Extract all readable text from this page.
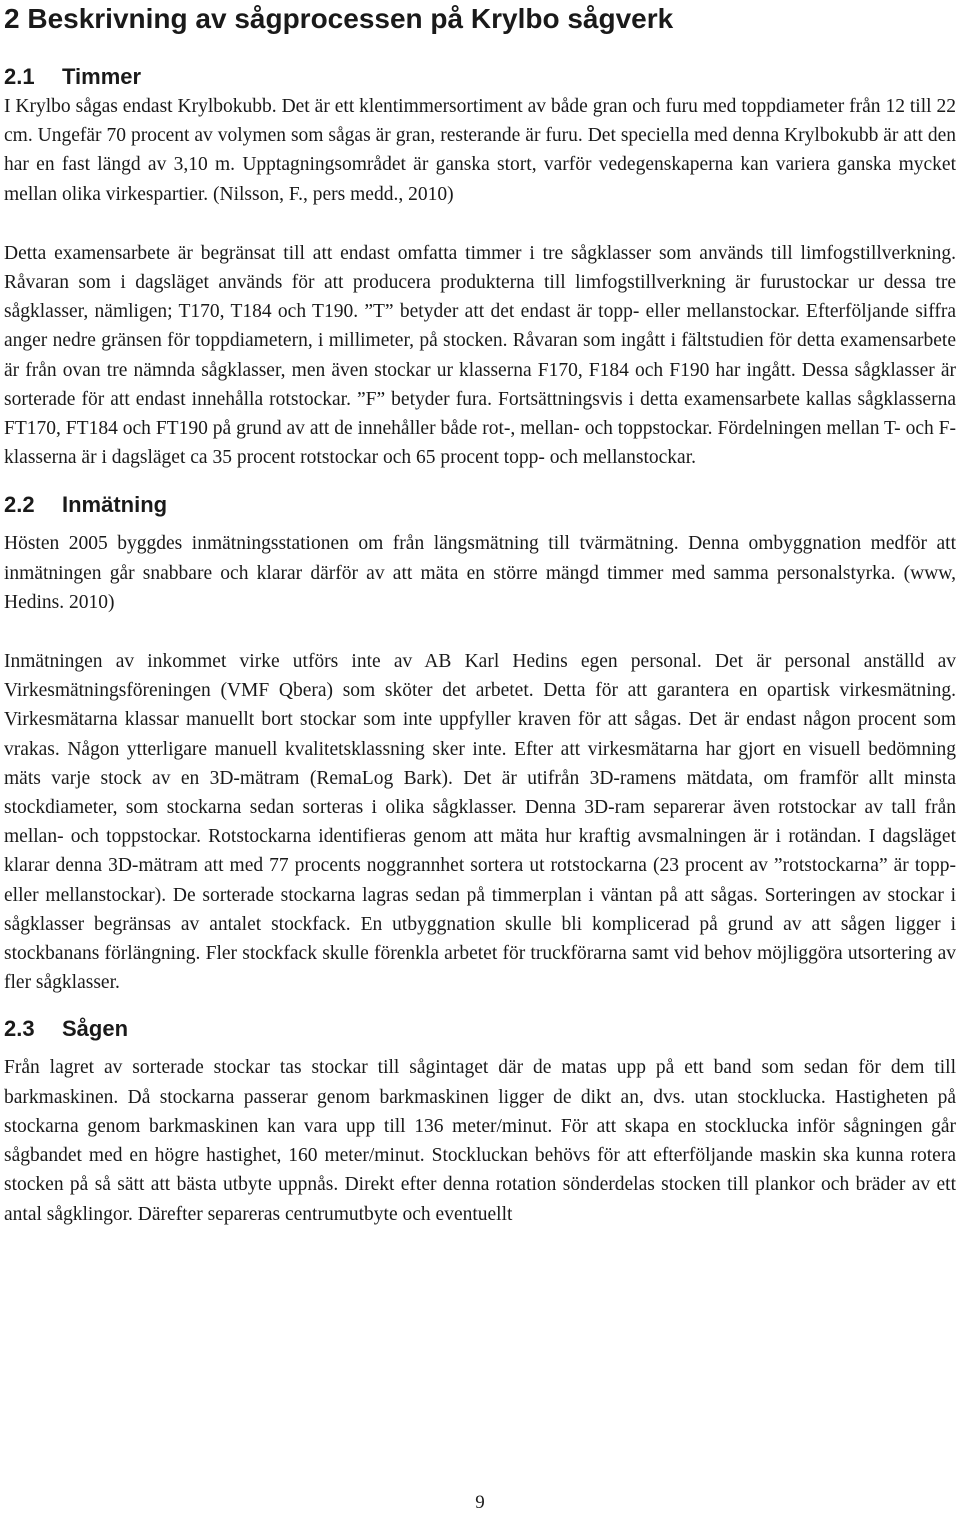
2 Beskrivning av sågprocessen på Krylbo sågverk
2.1 Timmer

I Krylbo sågas endast Krylbokubb. Det är ett klentimmersortiment av både gran och furu med toppdiameter från 12 till 22 cm. Ungefär 70 procent av volymen som sågas är gran, resterande är furu. Det speciella med denna Krylbokubb är att den har en fast längd av 3,10 m. Upptagningsområdet är ganska stort, varför vedegenskaperna kan variera ganska mycket mellan olika virkespartier. (Nilsson, F., pers medd., 2010)

Detta examensarbete är begränsat till att endast omfatta timmer i tre sågklasser som används till limfogstillverkning. Råvaran som i dagsläget används för att producera produkterna till limfogstillverkning är furustockar ur dessa tre sågklasser, nämligen; T170, T184 och T190. ”T” betyder att det endast är topp- eller mellanstockar. Efterföljande siffra anger nedre gränsen för toppdiametern, i millimeter, på stocken. Råvaran som ingått i fältstudien för detta examensarbete är från ovan tre nämnda sågklasser, men även stockar ur klasserna F170, F184 och F190 har ingått. Dessa sågklasser är sorterade för att endast innehålla rotstockar. ”F” betyder fura. Fortsättningsvis i detta examensarbete kallas sågklasserna FT170, FT184 och FT190 på grund av att de innehåller både rot-, mellan- och toppstockar. Fördelningen mellan T- och F-klasserna är i dagsläget ca 35 procent rotstockar och 65 procent topp- och mellanstockar.

2.2 Inmätning

Hösten 2005 byggdes inmätningsstationen om från längsmätning till tvärmätning. Denna ombyggnation medför att inmätningen går snabbare och klarar därför av att mäta en större mängd timmer med samma personalstyrka. (www, Hedins. 2010)

Inmätningen av inkommet virke utförs inte av AB Karl Hedins egen personal. Det är personal anställd av Virkesmätningsföreningen (VMF Qbera) som sköter det arbetet. Detta för att garantera en opartisk virkesmätning. Virkesmätarna klassar manuellt bort stockar som inte uppfyller kraven för att sågas. Det är endast någon procent som vrakas. Någon ytterligare manuell kvalitetsklassning sker inte. Efter att virkesmätarna har gjort en visuell bedömning mäts varje stock av en 3D-mätram (RemaLog Bark). Det är utifrån 3D-ramens mätdata, om framför allt minsta stockdiameter, som stockarna sedan sorteras i olika sågklasser. Denna 3D-ram separerar även rotstockar av tall från mellan- och toppstockar. Rotstockarna identifieras genom att mäta hur kraftig avsmalningen är i rotändan. I dagsläget klarar denna 3D-mätram att med 77 procents noggrannhet sortera ut rotstockarna (23 procent av ”rotstockarna” är topp- eller mellanstockar). De sorterade stockarna lagras sedan på timmerplan i väntan på att sågas. Sorteringen av stockar i sågklasser begränsas av antalet stockfack. En utbyggnation skulle bli komplicerad på grund av att sågen ligger i stockbanans förlängning. Fler stockfack skulle förenkla arbetet för truckförarna samt vid behov möjliggöra utsortering av fler sågklasser.

2.3 Sågen

Från lagret av sorterade stockar tas stockar till sågintaget där de matas upp på ett band som sedan för dem till barkmaskinen. Då stockarna passerar genom barkmaskinen ligger de dikt an, dvs. utan stocklucka. Hastigheten på stockarna genom barkmaskinen kan vara upp till 136 meter/minut. För att skapa en stocklucka inför sågningen går sågbandet med en högre hastighet, 160 meter/minut. Stockluckan behövs för att efterföljande maskin ska kunna rotera stocken på så sätt att bästa utbyte uppnås. Direkt efter denna rotation sönderdelas stocken till plankor och bräder av ett antal sågklingor. Därefter separeras centrumutbyte och eventuellt

9
